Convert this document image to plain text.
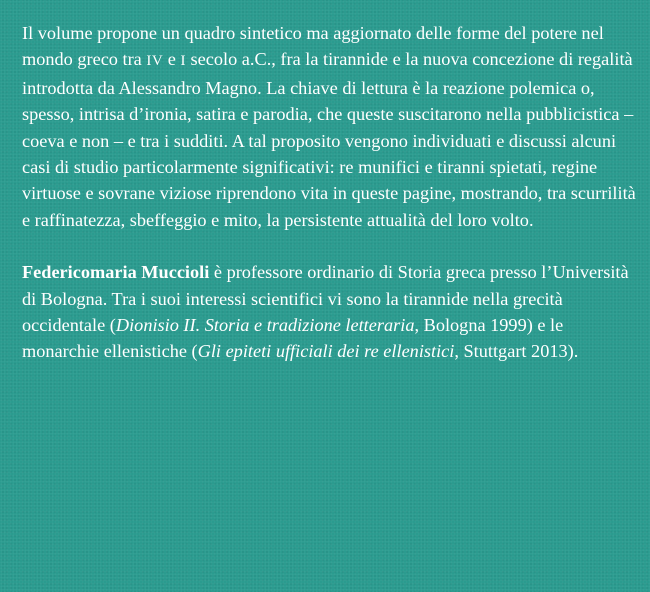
Il volume propone un quadro sintetico ma aggiornato delle forme del potere nel mondo greco tra IV e I secolo a.C., fra la tirannide e la nuova concezione di regalità introdotta da Alessandro Magno. La chiave di lettura è la reazione polemica o, spesso, intrisa d’ironia, satira e parodia, che queste suscitarono nella pubblicistica – coeva e non – e tra i sudditi. A tal proposito vengono individuati e discussi alcuni casi di studio particolarmente significativi: re munifici e tiranni spietati, regine virtuose e sovrane viziose riprendono vita in queste pagine, mostrando, tra scurrilità e raffinatezza, sbeffeggio e mito, la persistente attualità del loro volto.

Federicomaria Muccioli è professore ordinario di Storia greca presso l’Università di Bologna. Tra i suoi interessi scientifici vi sono la tirannide nella grecità occidentale (Dionisio II. Storia e tradizione letteraria, Bologna 1999) e le monarchie ellenistiche (Gli epiteti ufficiali dei re ellenistici, Stuttgart 2013).
